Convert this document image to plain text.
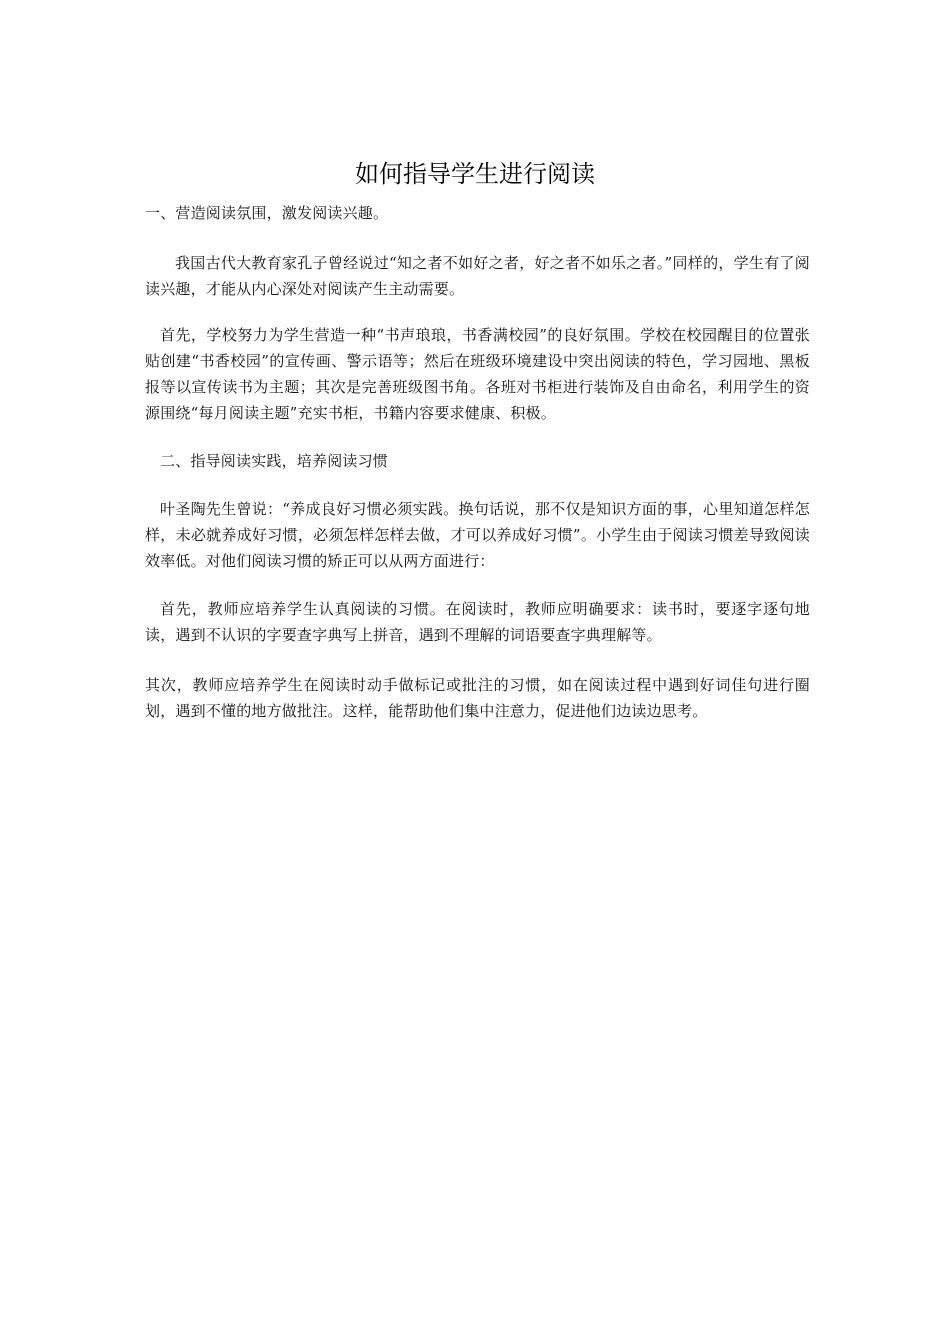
如何指导学生进行阅读

一、营造阅读氛围，激发阅读兴趣。

我国古代大教育家孔子曾经说过“知之者不如好之者，好之者不如乐之者。”同样的，学生有了阅读兴趣，才能从内心深处对阅读产生主动需要。

首先，学校努力为学生营造一种“书声琅琅，书香满校园”的良好氛围。学校在校园醒目的位置张贴创建“书香校园”的宣传画、警示语等；然后在班级环境建设中突出阅读的特色，学习园地、黑板报等以宣传读书为主题；其次是完善班级图书角。各班对书柜进行装饰及自由命名，利用学生的资源围绕“每月阅读主题”充实书柜，书籍内容要求健康、积极。

二、指导阅读实践，培养阅读习惯

叶圣陶先生曾说：“养成良好习惯必须实践。换句话说，那不仅是知识方面的事，心里知道怎样怎样，未必就养成好习惯，必须怎样怎样去做，才可以养成好习惯”。小学生由于阅读习惯差导致阅读效率低。对他们阅读习惯的矫正可以从两方面进行：

首先，教师应培养学生认真阅读的习惯。在阅读时，教师应明确要求：读书时，要逐字逐句地读，遇到不认识的字要查字典写上拼音，遇到不理解的词语要查字典理解等。

其次，教师应培养学生在阅读时动手做标记或批注的习惯，如在阅读过程中遇到好词佳句进行圈划，遇到不懂的地方做批注。这样，能帮助他们集中注意力，促进他们边读边思考。
